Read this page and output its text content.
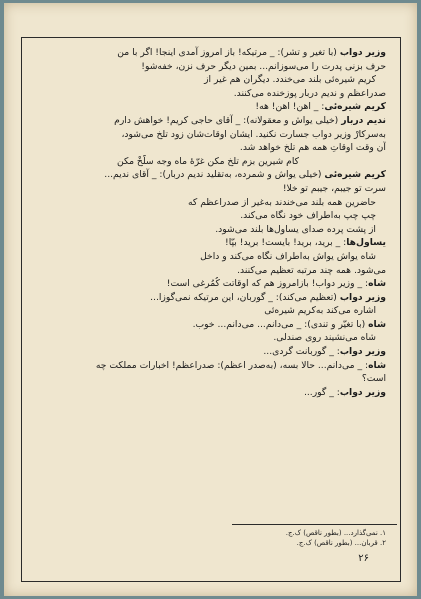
وزیر دواب (با تغیر و تشر): _ مرتیکه! باز امروز آمدی اینجا! اگر با من
حرف بزنی پدرت را می‌سوزانم... بمین دیگر حرف نزن، خفه‌شو!
کریم شیره‌ئی بلند می‌خندد. دیگران هم غیر از
صدراعظم و ندیم دربار پوزخنده می‌کنند.
کریم شیره‌ئی: _ اهن! اهن! هه!
ندیم دربار (خیلی یواش و معقولانه): _ آقای حاجی کریم! خواهش دارم
به‌سرکارْ وزیر دواب جسارت نکنید. ایشان اوقات‌شان زود تلخ می‌شود،
آن وقت اوقاتِ همه هم تلخ خواهد شد.
کام شیرین بزم تلخ مکن غرّهٔ ماه وجه سلّخْ مکن
کریم شیره‌ئی (خیلی یواش و شمرده، به‌تقلید ندیم دربار): _ آقای ندیم...
سرت تو جیبم، جیبم تو خلا!
حاضرین همه بلند می‌خندند به‌غیر از صدراعظم که
چپ چپ به‌اطراف خود نگاه می‌کند.
از پشت پرده صدای یساول‌ها بلند می‌شود.
یساول‌ها: _ برید، برید! بایست! برید! بپّا!
شاه یواش یواش به‌اطراف نگاه می‌کند و داخل
می‌شود. همه چند مرتبه تعظیم می‌کنند.
شاه: _ وزیر دواب! بازامروز هم که اوقاتت کُمُرغی است!
وزیر دواب (تعظیم می‌کند): _ گوربان، این مرتیکه نمی‌گوزا...
اشاره می‌کند به‌کریم شیره‌ئی
شاه (با تغیّر و تندی): _ می‌دانم... می‌دانم... خوب.
شاه می‌نشیند روی صندلی.
وزیر دواب: _ گوربانت گردی...
شاه: _ می‌دانم... حالا بسه، (به‌صدر اعظم): صدراعظم! اخبارات مملکت چه
است؟
وزیر دواب: _ گور...
۱. نمی‌گذارد... (بطور ناقص) ک.ج.
۲. قربان... (بطور ناقص) ک.ج.
۲۶
